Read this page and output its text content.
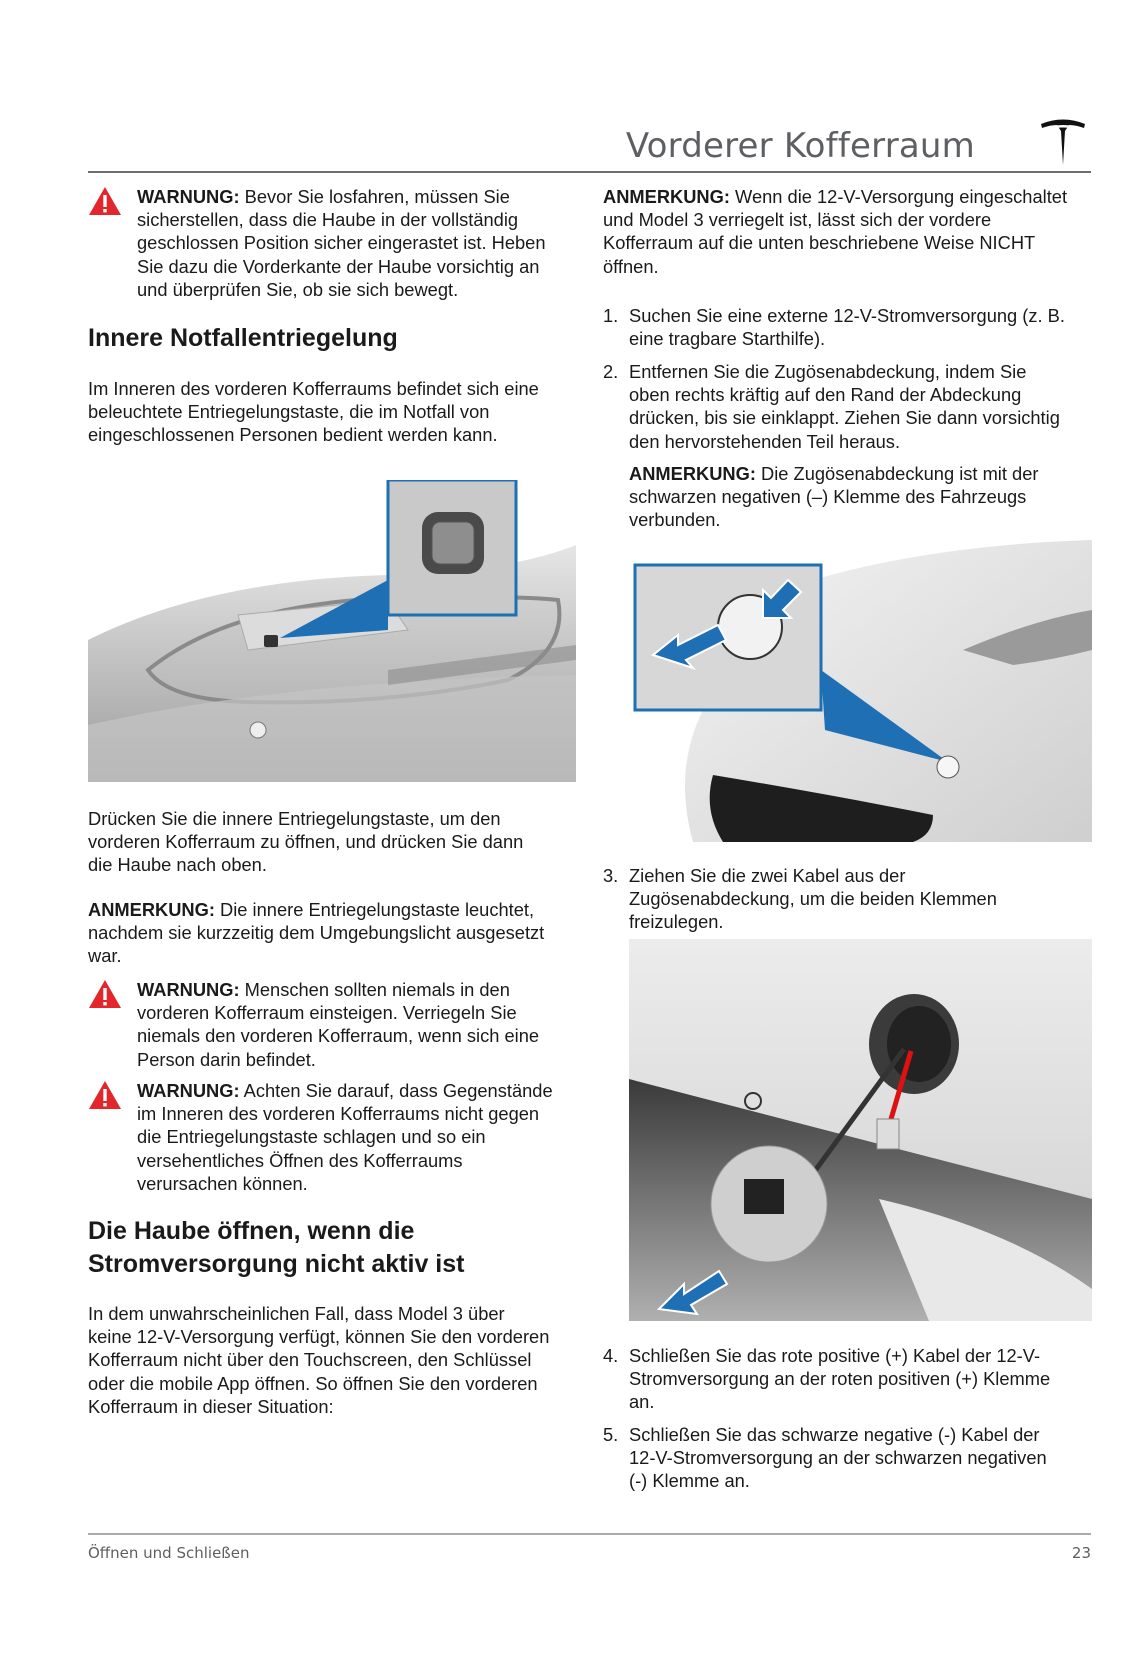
Vorderer Kofferraum
WARNUNG: Bevor Sie losfahren, müssen Sie
sicherstellen, dass die Haube in der vollständig
geschlossen Position sicher eingerastet ist. Heben
Sie dazu die Vorderkante der Haube vorsichtig an
und überprüfen Sie, ob sie sich bewegt.
Innere Notfallentriegelung
Im Inneren des vorderen Kofferraums befindet sich eine
beleuchtete Entriegelungstaste, die im Notfall von
eingeschlossenen Personen bedient werden kann.
Drücken Sie die innere Entriegelungstaste, um den
vorderen Kofferraum zu öffnen, und drücken Sie dann
die Haube nach oben.
ANMERKUNG: Die innere Entriegelungstaste leuchtet,
nachdem sie kurzzeitig dem Umgebungslicht ausgesetzt
war.
WARNUNG: Menschen sollten niemals in den
vorderen Kofferraum einsteigen. Verriegeln Sie
niemals den vorderen Kofferraum, wenn sich eine
Person darin befindet.
WARNUNG: Achten Sie darauf, dass Gegenstände
im Inneren des vorderen Kofferraums nicht gegen
die Entriegelungstaste schlagen und so ein
versehentliches Öffnen des Kofferraums
verursachen können.
Die Haube öffnen, wenn die
Stromversorgung nicht aktiv ist
In dem unwahrscheinlichen Fall, dass Model 3 über
keine 12-V-Versorgung verfügt, können Sie den vorderen
Kofferraum nicht über den Touchscreen, den Schlüssel
oder die mobile App öffnen. So öffnen Sie den vorderen
Kofferraum in dieser Situation:
ANMERKUNG: Wenn die 12-V-Versorgung eingeschaltet
und Model 3 verriegelt ist, lässt sich der vordere
Kofferraum auf die unten beschriebene Weise NICHT
öffnen.
1. Suchen Sie eine externe 12-V-Stromversorgung (z. B.
eine tragbare Starthilfe).
2. Entfernen Sie die Zugösenabdeckung, indem Sie
oben rechts kräftig auf den Rand der Abdeckung
drücken, bis sie einklappt. Ziehen Sie dann vorsichtig
den hervorstehenden Teil heraus.
ANMERKUNG: Die Zugösenabdeckung ist mit der
schwarzen negativen (–) Klemme des Fahrzeugs
verbunden.
3. Ziehen Sie die zwei Kabel aus der
Zugösenabdeckung, um die beiden Klemmen
freizulegen.
4. Schließen Sie das rote positive (+) Kabel der 12-V-
Stromversorgung an der roten positiven (+) Klemme
an.
5. Schließen Sie das schwarze negative (-) Kabel der
12-V-Stromversorgung an der schwarzen negativen
(-) Klemme an.
Öffnen und Schließen	23
